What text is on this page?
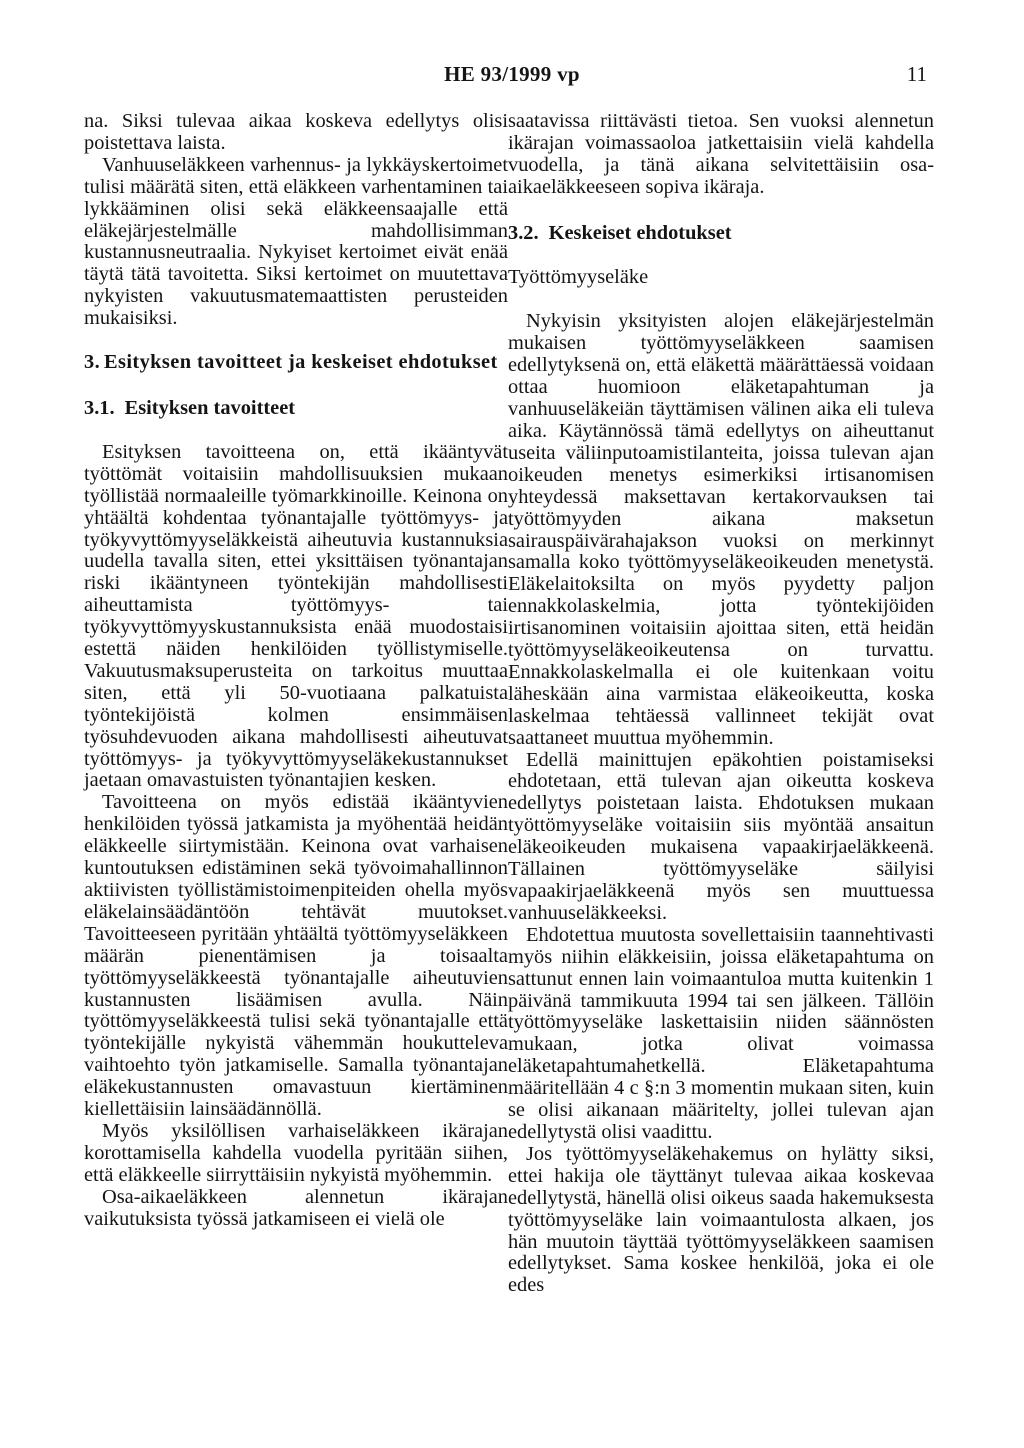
HE 93/1999 vp	11

na. Siksi tulevaa aikaa koskeva edellytys olisi poistettava laista.

Vanhuuseläkkeen varhennus- ja lykkäyskertoimet tulisi määrätä siten, että eläkkeen varhentaminen tai lykkääminen olisi sekä eläkkeensaajalle että eläkejärjestelmälle mahdollisimman kustannusneutraalia. Nykyiset kertoimet eivät enää täytä tätä tavoitetta. Siksi kertoimet on muutettava nykyisten vakuutusmatemaattisten perusteiden mukaisiksi.

3. Esityksen tavoitteet ja keskeiset ehdotukset
3.1. Esityksen tavoitteet

Esityksen tavoitteena on, että ikääntyvät työttömät voitaisiin mahdollisuuksien mukaan työllistää normaaleille työmarkkinoille. Keinona on yhtäältä kohdentaa työnantajalle työttömyys- ja työkyvyttömyyseläkkeistä aiheutuvia kustannuksia uudella tavalla siten, ettei yksittäisen työnantajan riski ikääntyneen työntekijän mahdollisesti aiheuttamista työttömyys- tai työkyvyttömyyskustannuksista enää muodostaisi estettä näiden henkilöiden työllistymiselle. Vakuutusmaksuperusteita on tarkoitus muuttaa siten, että yli 50-vuotiaana palkatuista työntekijöistä kolmen ensimmäisen työsuhdevuoden aikana mahdollisesti aiheutuvat työttömyys- ja työkyvyttömyyseläkekustannukset jaetaan omavastuisten työnantajien kesken.

Tavoitteena on myös edistää ikääntyvien henkilöiden työssä jatkamista ja myöhentää heidän eläkkeelle siirtymistään. Keinona ovat varhaisen kuntoutuksen edistäminen sekä työvoimahallinnon aktiivisten työllistämistoimenpiteiden ohella myös eläkelainsäädäntöön tehtävät muutokset. Tavoitteeseen pyritään yhtäältä työttömyyseläkkeen määrän pienentämisen ja toisaalta työttömyyseläkkeestä työnantajalle aiheutuvien kustannusten lisäämisen avulla. Näin työttömyyseläkkeestä tulisi sekä työnantajalle että työntekijälle nykyistä vähemmän houkutteleva vaihtoehto työn jatkamiselle. Samalla työnantajan eläkekustannusten omavastuun kiertäminen kiellettäisiin lainsäädännöllä.

Myös yksilöllisen varhaiseläkkeen ikärajan korottamisella kahdella vuodella pyritään siihen, että eläkkeelle siirryttäisiin nykyistä myöhemmin.

Osa-aikaeläkkeen alennetun ikärajan vaikutuksista työssä jatkamiseen ei vielä ole

saatavissa riittävästi tietoa. Sen vuoksi alennetun ikärajan voimassaoloa jatkettaisiin vielä kahdella vuodella, ja tänä aikana selvitettäisiin osa-aikaeläkkeeseen sopiva ikäraja.

3.2. Keskeiset ehdotukset
Työttömyyseläke

Nykyisin yksityisten alojen eläkejärjestelmän mukaisen työttömyyseläkkeen saamisen edellytyksenä on, että eläkettä määrättäessä voidaan ottaa huomioon eläketapahtuman ja vanhuuseläkeiän täyttämisen välinen aika eli tuleva aika. Käytännössä tämä edellytys on aiheuttanut useita väliinputoamistilanteita, joissa tulevan ajan oikeuden menetys esimerkiksi irtisanomisen yhteydessä maksettavan kertakorvauksen tai työttömyyden aikana maksetun sairauspäivärahajakson vuoksi on merkinnyt samalla koko työttömyyseläkeoikeuden menetystä. Eläkelaitoksilta on myös pyydetty paljon ennakkolaskelmia, jotta työntekijöiden irtisanominen voitaisiin ajoittaa siten, että heidän työttömyyseläkeoikeutensa on turvattu. Ennakkolaskelmalla ei ole kuitenkaan voitu läheskään aina varmistaa eläkeoikeutta, koska laskelmaa tehtäessä vallinneet tekijät ovat saattaneet muuttua myöhemmin.

Edellä mainittujen epäkohtien poistamiseksi ehdotetaan, että tulevan ajan oikeutta koskeva edellytys poistetaan laista. Ehdotuksen mukaan työttömyyseläke voitaisiin siis myöntää ansaitun eläkeoikeuden mukaisena vapaakirjaeläkkeenä. Tällainen työttömyyseläke säilyisi vapaakirjaeläkkeenä myös sen muuttuessa vanhuuseläkkeeksi.

Ehdotettua muutosta sovellettaisiin taannehtivasti myös niihin eläkkeisiin, joissa eläketapahtuma on sattunut ennen lain voimaantuloa mutta kuitenkin 1 päivänä tammikuuta 1994 tai sen jälkeen. Tällöin työttömyyseläke laskettaisiin niiden säännösten mukaan, jotka olivat voimassa eläketapahtumahetkellä. Eläketapahtuma määritellään 4 c §:n 3 momentin mukaan siten, kuin se olisi aikanaan määritelty, jollei tulevan ajan edellytystä olisi vaadittu.

Jos työttömyyseläkehakemus on hylätty siksi, ettei hakija ole täyttänyt tulevaa aikaa koskevaa edellytystä, hänellä olisi oikeus saada hakemuksesta työttömyyseläke lain voimaantulosta alkaen, jos hän muutoin täyttää työttömyyseläkkeen saamisen edellytykset. Sama koskee henkilöä, joka ei ole edes
